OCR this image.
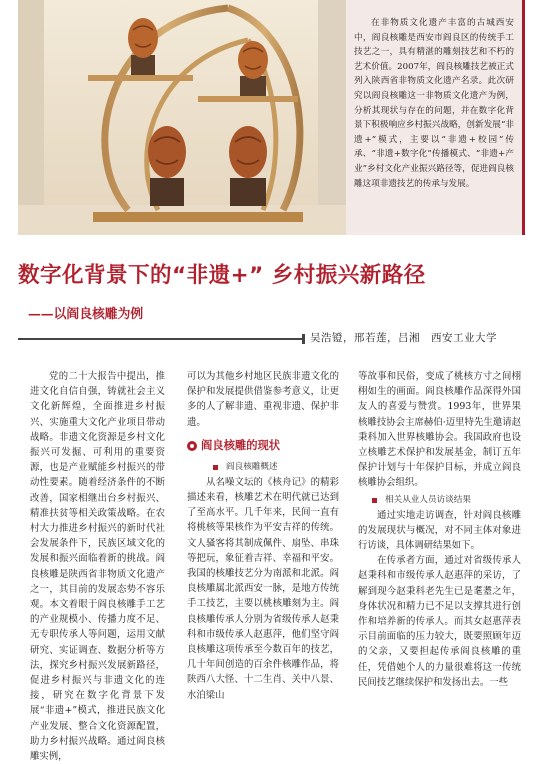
在非物质文化遗产丰富的古城西安中，阎良核雕是西安市阎良区的传统手工技艺之一，具有精湛的雕刻技艺和不朽的艺术价值。2007年，阎良核雕技艺被正式列入陕西省非物质文化遗产名录。此次研究以阎良核雕这一非物质文化遗产为例，分析其现状与存在的问题，并在数字化背景下积极响应乡村振兴战略，创新发展“非遗+”模式，主要以“非遗+校园”传承、“非遗+数字化”传播模式、“非遗+产业”乡村文化产业振兴路径等，促进阎良核雕这项非遗技艺的传承与发展。

数字化背景下的“非遗+” 乡村振兴新路径
——以阎良核雕为例
吴浩镫，邢若莲，吕湘　西安工业大学

党的二十大报告中提出，推进文化自信自强，铸就社会主义文化新辉煌，全面推进乡村振兴、实施重大文化产业项目带动战略。非遗文化资源是乡村文化振兴可发掘、可利用的重要资源，也是产业赋能乡村振兴的带动性要素。随着经济条件的不断改善，国家相继出台乡村振兴、精准扶贫等相关政策战略。在农村大力推进乡村振兴的新时代社会发展条件下，民族区域文化的发展和振兴面临着新的挑战。阎良核雕是陕西省非物质文化遗产之一，其目前的发展态势不容乐观。本文着眼于阎良核雕手工艺的产业规模小、传播力度不足、无专职传承人等问题，运用文献研究、实证调查、数据分析等方法，探究乡村振兴发展新路径，促进乡村振兴与非遗文化的连接，研究在数字化背景下发展“非遗+”模式，推进民族文化产业发展、整合文化资源配置，助力乡村振兴战略。通过阎良核雕实例，

可以为其他乡村地区民族非遗文化的保护和发展提供借鉴参考意义，让更多的人了解非遗、重视非遗、保护非遗。

阎良核雕的现状
阎良核雕概述

从名噪文坛的《核舟记》的精彩描述来看，核雕艺术在明代就已达到了至高水平。几千年来，民间一直有将桃核等果核作为平安吉祥的传统。文人骚客将其制成佩件、扇坠、串珠等把玩，象征着吉祥、幸福和平安。我国的核雕技艺分为南派和北派。阎良核雕属北派西安一脉，是地方传统手工技艺，主要以桃核雕刻为主。阎良核雕传承人分别为省级传承人赵秉科和市级传承人赵惠萍，他们坚守阎良核雕这项传承至今数百年的技艺，几十年间创造的百余件核雕作品，将陕西八大怪、十二生肖、关中八景、水泊梁山

等故事和民俗，变成了桃核方寸之间栩栩如生的画面。阎良核雕作品深得外国友人的喜爱与赞赏。1993年，世界果核雕技协会主席赫伯·迈里特先生邀请赵秉科加入世界核雕协会。我国政府也设立核雕艺术保护和发展基金，制订五年保护计划与十年保护目标，并成立阎良核雕协会组织。

相关从业人员访谈结果

通过实地走访调查，针对阎良核雕的发展现状与概况，对不同主体对象进行访谈，具体调研结果如下。

在传承者方面，通过对省级传承人赵秉科和市级传承人赵惠萍的采访，了解到现今赵秉科老先生已是耄耋之年，身体状况和精力已不足以支撑其进行创作和培养新的传承人。而其女赵惠萍表示目前面临的压力较大，既要照顾年迈的父亲，又要担起传承阎良核雕的重任，凭借她个人的力量很难将这一传统民间技艺继续保护和发扬出去。一些
